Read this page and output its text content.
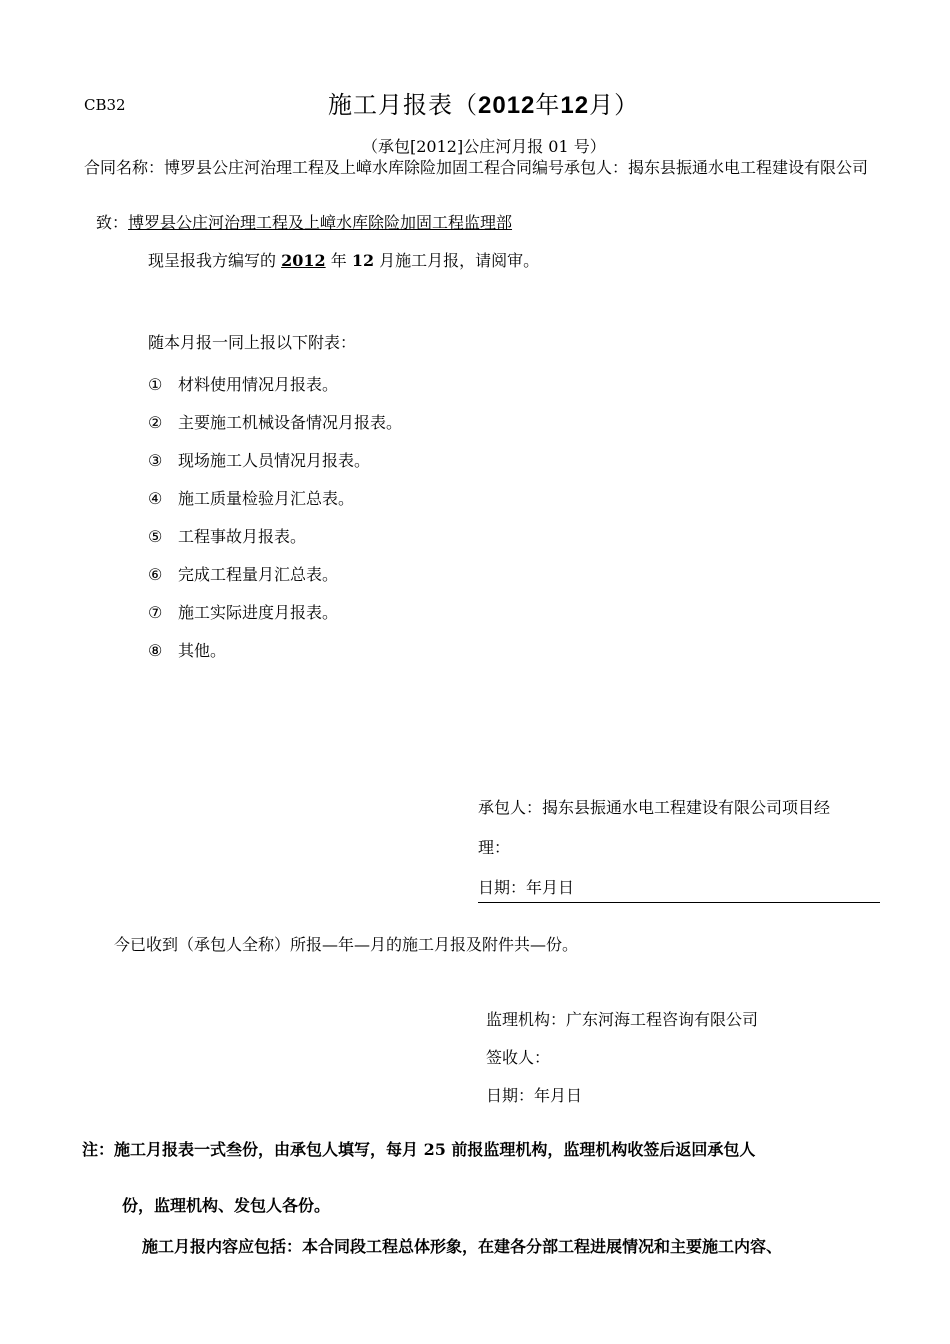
CB32	施工月报表（2012年12月）
（承包[2012]公庄河月报 01 号）
合同名称：博罗县公庄河治理工程及上嶂水库除险加固工程合同编号承包人：揭东县振通水电工程建设有限公司
致：博罗县公庄河治理工程及上嶂水库除险加固工程监理部
现呈报我方编写的 2012 年 12 月施工月报，请阅审。
随本月报一同上报以下附表：
① 材料使用情况月报表。
② 主要施工机械设备情况月报表。
③ 现场施工人员情况月报表。
④ 施工质量检验月汇总表。
⑤ 工程事故月报表。
⑥ 完成工程量月汇总表。
⑦ 施工实际进度月报表。
⑧ 其他。
承包人：揭东县振通水电工程建设有限公司项目经
理：
日期：年月日
今已收到（承包人全称）所报—年—月的施工月报及附件共—份。
监理机构：广东河海工程咨询有限公司
签收人：
日期：年月日
注：施工月报表一式叁份，由承包人填写，每月 25 前报监理机构，监理机构收签后返回承包人
份，监理机构、发包人各份。
施工月报内容应包括：本合同段工程总体形象，在建各分部工程进展情况和主要施工内容、
